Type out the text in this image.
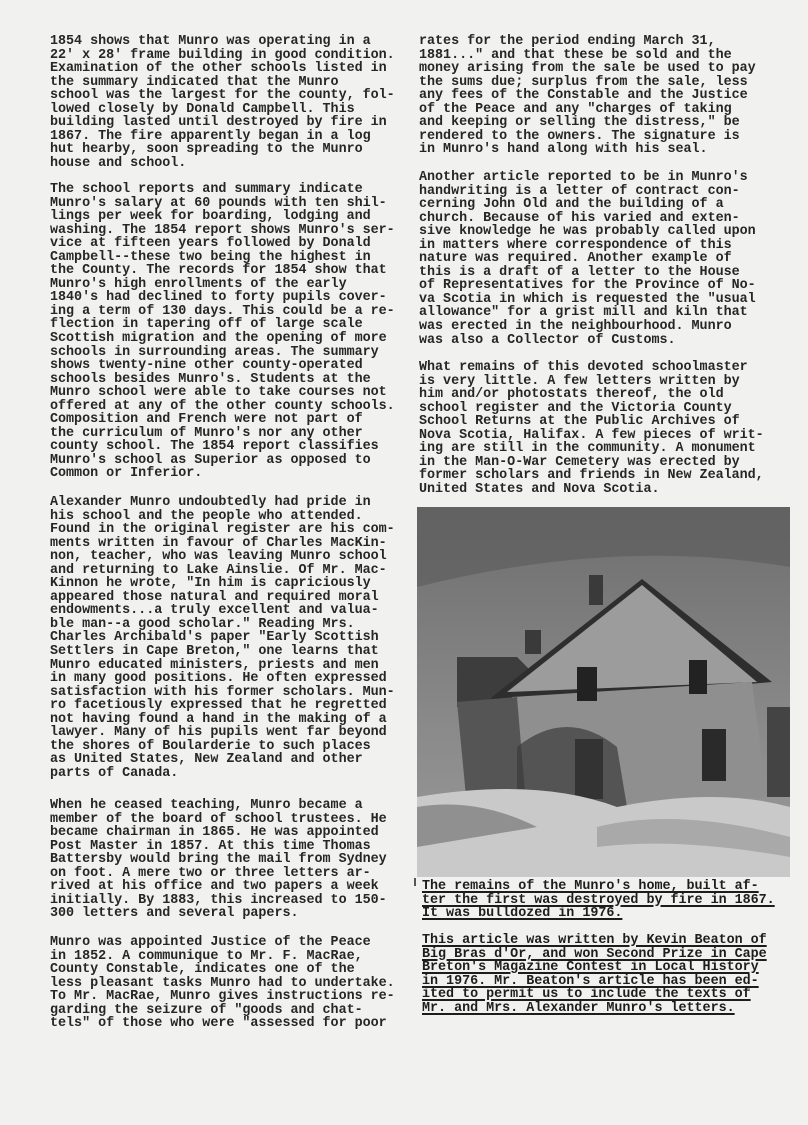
1854 shows that Munro was operating in a
22' x 28' frame building in good condition.
Examination of the other schools listed in
the summary indicated that the Munro
school was the largest for the county, fol-
lowed closely by Donald Campbell. This
building lasted until destroyed by fire in
1867. The fire apparently began in a log
hut hearby, soon spreading to the Munro
house and school.

The school reports and summary indicate
Munro's salary at 60 pounds with ten shil-
lings per week for boarding, lodging and
washing. The 1854 report shows Munro's ser-
vice at fifteen years followed by Donald
Campbell--these two being the highest in
the County. The records for 1854 show that
Munro's high enrollments of the early
1840's had declined to forty pupils cover-
ing a term of 130 days. This could be a re-
flection in tapering off of large scale
Scottish migration and the opening of more
schools in surrounding areas. The summary
shows twenty-nine other county-operated
schools besides Munro's. Students at the
Munro school were able to take courses not
offered at any of the other county schools.
Composition and French were not part of
the curriculum of Munro's nor any other
county school. The 1854 report classifies
Munro's school as Superior as opposed to
Common or Inferior.

Alexander Munro undoubtedly had pride in
his school and the people who attended.
Found in the original register are his com-
ments written in favour of Charles MacKin-
non, teacher, who was leaving Munro school
and returning to Lake Ainslie. Of Mr. Mac-
Kinnon he wrote, "In him is capriciously
appeared those natural and required moral
endowments...a truly excellent and valua-
ble man--a good scholar." Reading Mrs.
Charles Archibald's paper "Early Scottish
Settlers in Cape Breton," one learns that
Munro educated ministers, priests and men
in many good positions. He often expressed
satisfaction with his former scholars. Mun-
ro facetiously expressed that he regretted
not having found a hand in the making of a
lawyer. Many of his pupils went far beyond
the shores of Boularderie to such places
as United States, New Zealand and other
parts of Canada.

When he ceased teaching, Munro became a
member of the board of school trustees. He
became chairman in 1865. He was appointed
Post Master in 1857. At this time Thomas
Battersby would bring the mail from Sydney
on foot. A mere two or three letters ar-
rived at his office and two papers a week
initially. By 1883, this increased to 150-
300 letters and several papers.

Munro was appointed Justice of the Peace
in 1852. A communique to Mr. F. MacRae,
County Constable, indicates one of the
less pleasant tasks Munro had to undertake.
To Mr. MacRae, Munro gives instructions re-
garding the seizure of "goods and chat-
tels" of those who were "assessed for poor

rates for the period ending March 31,
1881..." and that these be sold and the
money arising from the sale be used to pay
the sums due; surplus from the sale, less
any fees of the Constable and the Justice
of the Peace and any "charges of taking
and keeping or selling the distress," be
rendered to the owners. The signature is
in Munro's hand along with his seal.

Another article reported to be in Munro's
handwriting is a letter of contract con-
cerning John Old and the building of a
church. Because of his varied and exten-
sive knowledge he was probably called upon
in matters where correspondence of this
nature was required. Another example of
this is a draft of a letter to the House
of Representatives for the Province of No-
va Scotia in which is requested the "usual
allowance" for a grist mill and kiln that
was erected in the neighbourhood. Munro
was also a Collector of Customs.

What remains of this devoted schoolmaster
is very little. A few letters written by
him and/or photostats thereof, the old
school register and the Victoria County
School Returns at the Public Archives of
Nova Scotia, Halifax. A few pieces of writ-
ing are still in the community. A monument
in the Man-O-War Cemetery was erected by
former scholars and friends in New Zealand,
United States and Nova Scotia.

The remains of the Munro's home, built af-
ter the first was destroyed by fire in 1867.
It was bulldozed in 1976.

This article was written by Kevin Beaton of
Big Bras d'Or, and won Second Prize in Cape
Breton's Magazine Contest in Local History
in 1976. Mr. Beaton's article has been ed-
ited to permit us to include the texts of
Mr. and Mrs. Alexander Munro's letters.
